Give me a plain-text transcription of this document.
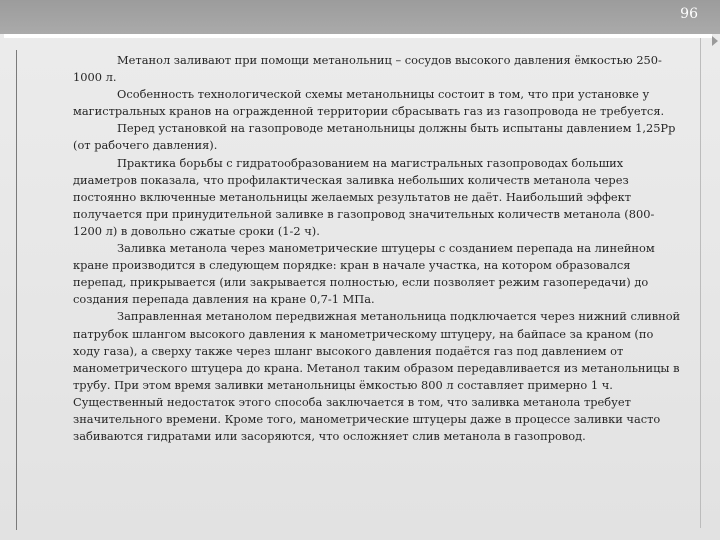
96

Метанол заливают при помощи метанольниц – сосудов высокого давления ёмкостью 250-1000 л.

Особенность технологической схемы метанольницы состоит в том, что при установке у магистральных кранов на огражденной территории сбрасывать газ из газопровода не требуется.

Перед установкой на газопроводе метанольницы должны быть испытаны давлением 1,25Рр (от рабочего давления).

Практика борьбы с гидратообразованием на магистральных газопроводах больших диаметров показала, что профилактическая заливка небольших количеств метанола через постоянно включенные метанольницы желаемых результатов не даёт. Наибольший эффект получается при принудительной заливке в газопровод значительных количеств метанола (800-1200 л) в довольно сжатые сроки (1-2 ч).

Заливка метанола через манометрические штуцеры с созданием перепада на линейном кране производится в следующем порядке: кран в начале участка, на котором образовался перепад, прикрывается (или закрывается полностью, если позволяет режим газопередачи) до создания перепада давления на кране 0,7-1 МПа.

Заправленная метанолом передвижная метанольница подключается через нижний сливной патрубок шлангом высокого давления к манометрическому штуцеру, на байпасе за краном (по ходу газа), а сверху также через шланг высокого давления подаётся газ под давлением от манометрического штуцера до крана. Метанол таким образом передавливается из метанольницы в трубу. При этом время заливки метанольницы ёмкостью 800 л составляет примерно 1 ч. Существенный недостаток этого способа заключается в том, что заливка метанола требует значительного времени. Кроме того, манометрические штуцеры даже в процессе заливки часто забиваются гидратами или засоряются, что осложняет слив метанола в газопровод.
